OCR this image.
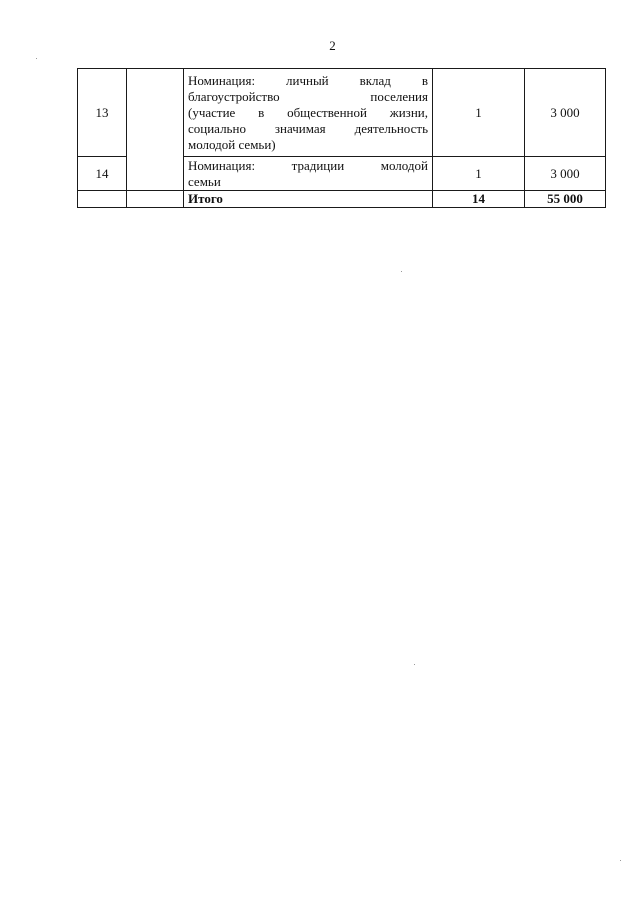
2
13		Номинация: личный вклад в
благоустройство поселения
(участие в общественной жизни,
социально значимая деятельность
молодой семьи)	1	3 000
14		Номинация: традиции молодой
семьи	1	3 000
		Итого	14	55 000
